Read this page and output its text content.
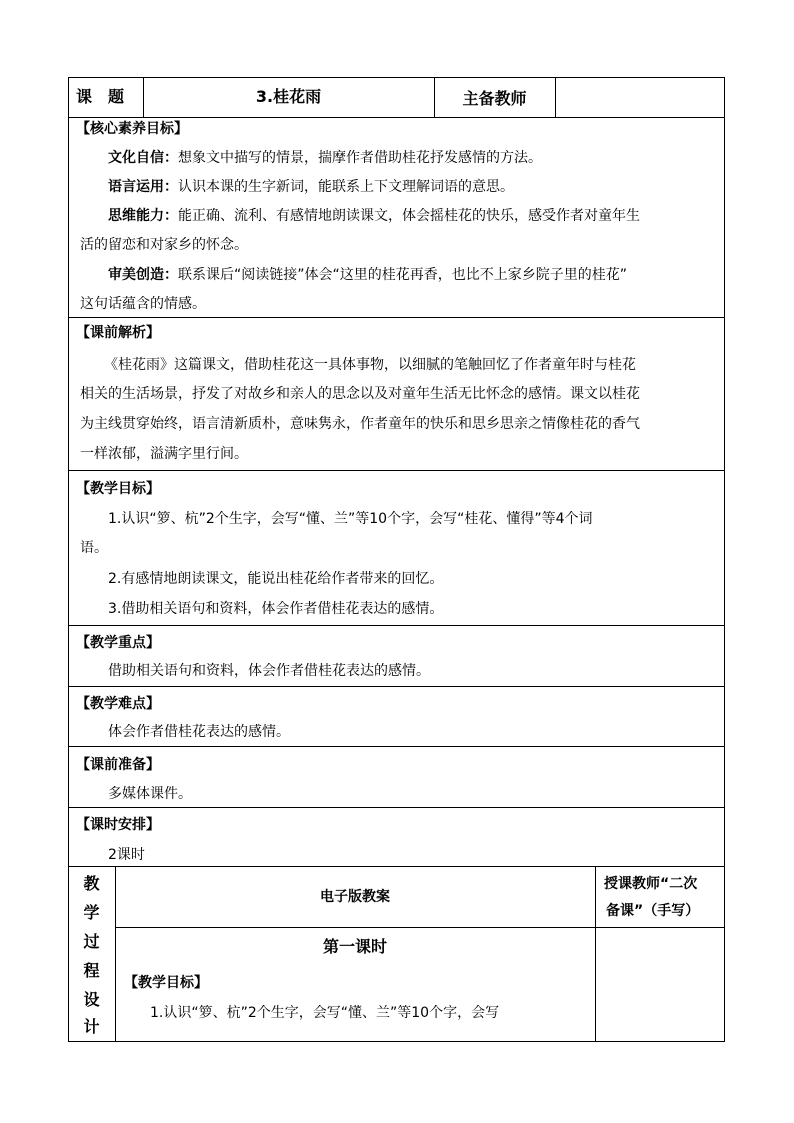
课　题	3.桂花雨	主备教师
【核心素养目标】
文化自信：想象文中描写的情景，揣摩作者借助桂花抒发感情的方法。
语言运用：认识本课的生字新词，能联系上下文理解词语的意思。
思维能力：能正确、流利、有感情地朗读课文，体会摇桂花的快乐，感受作者对童年生
活的留恋和对家乡的怀念。
审美创造：联系课后“阅读链接”体会“这里的桂花再香，也比不上家乡院子里的桂花”
这句话蕴含的情感。
【课前解析】
《桂花雨》这篇课文，借助桂花这一具体事物，以细腻的笔触回忆了作者童年时与桂花
相关的生活场景，抒发了对故乡和亲人的思念以及对童年生活无比怀念的感情。课文以桂花
为主线贯穿始终，语言清新质朴，意味隽永，作者童年的快乐和思乡思亲之情像桂花的香气
一样浓郁，溢满字里行间。
【教学目标】
1.认识“箩、杭”2个生字，会写“懂、兰”等10个字，会写“桂花、懂得”等4个词
语。
2.有感情地朗读课文，能说出桂花给作者带来的回忆。
3.借助相关语句和资料，体会作者借桂花表达的感情。
【教学重点】
借助相关语句和资料，体会作者借桂花表达的感情。
【教学难点】
体会作者借桂花表达的感情。
【课前准备】
多媒体课件。
【课时安排】
2课时
教
学
过
程
设
计
电子版教案
授课教师“二次
备课”（手写）
第一课时
【教学目标】
1.认识“箩、杭”2个生字，会写“懂、兰”等10个字，会写
